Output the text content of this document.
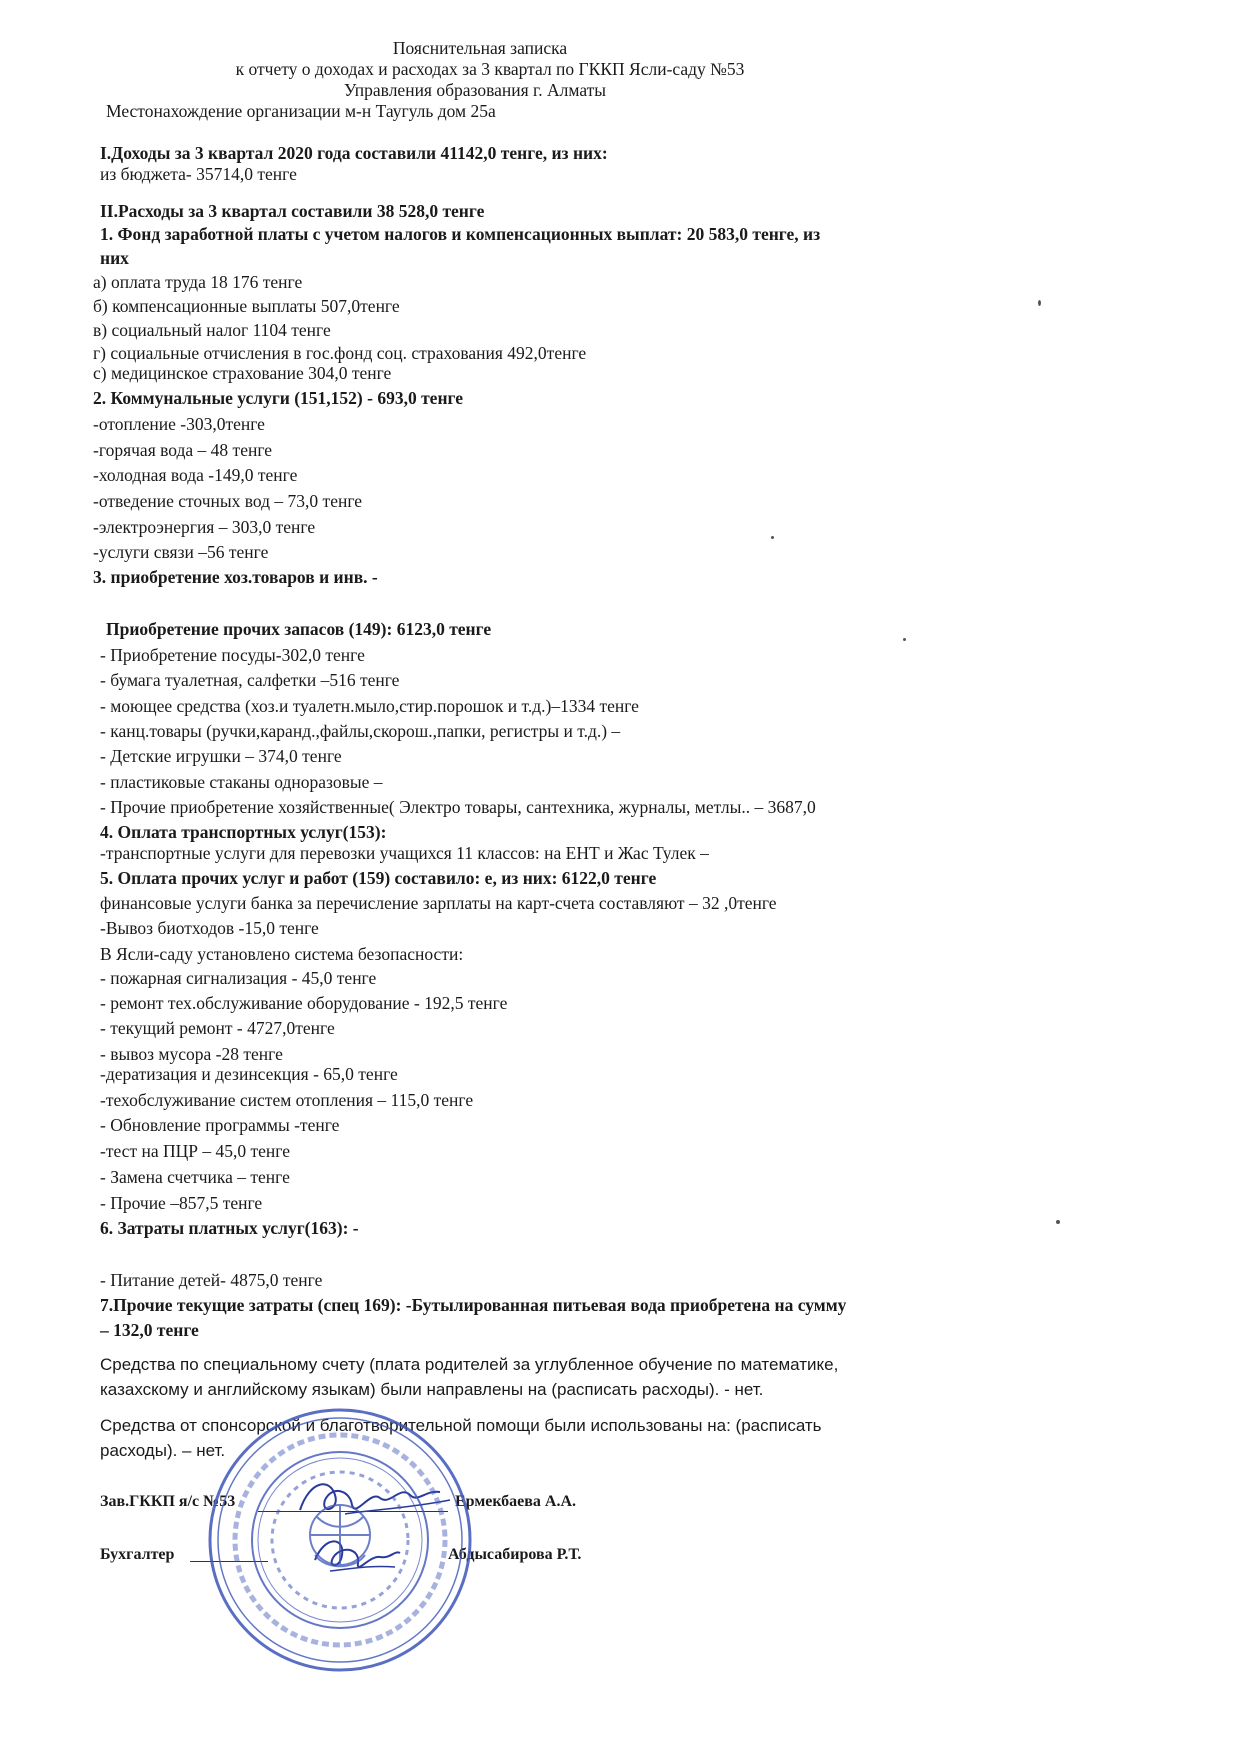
Пояснительная записка
к отчету о доходах и расходах за 3 квартал по ГККП Ясли-саду №53
Управления образования г. Алматы
Местонахождение организации м-н Таугуль дом 25а
I.Доходы за 3 квартал 2020 года составили 41142,0 тенге, из них:
из бюджета- 35714,0 тенге
II.Расходы за 3 квартал составили 38 528,0 тенге
1. Фонд заработной платы с учетом налогов и компенсационных выплат: 20 583,0 тенге, из
них
а) оплата труда 18 176 тенге
б) компенсационные выплаты 507,0тенге
в) социальный налог 1104 тенге
г) социальные отчисления в гос.фонд соц. страхования 492,0тенге
с) медицинское страхование 304,0 тенге
2. Коммунальные услуги (151,152) - 693,0 тенге
-отопление -303,0тенге
-горячая вода – 48 тенге
-холодная вода -149,0 тенге
-отведение сточных вод – 73,0 тенге
-электроэнергия – 303,0 тенге
-услуги связи –56 тенге
3. приобретение хоз.товаров и инв. -
Приобретение прочих запасов (149): 6123,0 тенге
- Приобретение посуды-302,0 тенге
- бумага туалетная, салфетки –516 тенге
- моющее средства (хоз.и туалетн.мыло,стир.порошок и т.д.)–1334 тенге
- канц.товары (ручки,каранд.,файлы,скорош.,папки, регистры и т.д.) –
- Детские игрушки – 374,0 тенге
- пластиковые стаканы одноразовые –
- Прочие приобретение хозяйственные( Электро товары, сантехника, журналы, метлы.. – 3687,0
4. Оплата транспортных услуг(153):
-транспортные услуги для перевозки учащихся 11 классов: на ЕНТ и Жас Тулек –
5. Оплата прочих услуг и работ (159) составило: е, из них: 6122,0 тенге
финансовые услуги банка за перечисление зарплаты на карт-счета составляют – 32 ,0тенге
-Вывоз биотходов -15,0 тенге
В Ясли-саду установлено система безопасности:
- пожарная сигнализация - 45,0 тенге
- ремонт тех.обслуживание оборудование - 192,5 тенге
- текущий ремонт - 4727,0тенге
- вывоз мусора -28 тенге
-дератизация и дезинсекция - 65,0 тенге
-техобслуживание систем отопления – 115,0 тенге
- Обновление программы -тенге
-тест на ПЦР – 45,0 тенге
- Замена счетчика – тенге
- Прочие –857,5 тенге
6. Затраты платных услуг(163): -
- Питание детей- 4875,0 тенге
7.Прочие текущие затраты (спец 169): -Бутылированная питьевая вода приобретена на сумму
– 132,0 тенге
Средства по специальному счету (плата родителей за углубленное обучение по математике,
казахскому и английскому языкам) были направлены на (расписать расходы). - нет.
Средства от спонсорской и благотворительной помощи были использованы на: (расписать
расходы). – нет.
Зав.ГККП я/с №53	Ермекбаева А.А.
Бухгалтер	Абдысабирова Р.Т.
